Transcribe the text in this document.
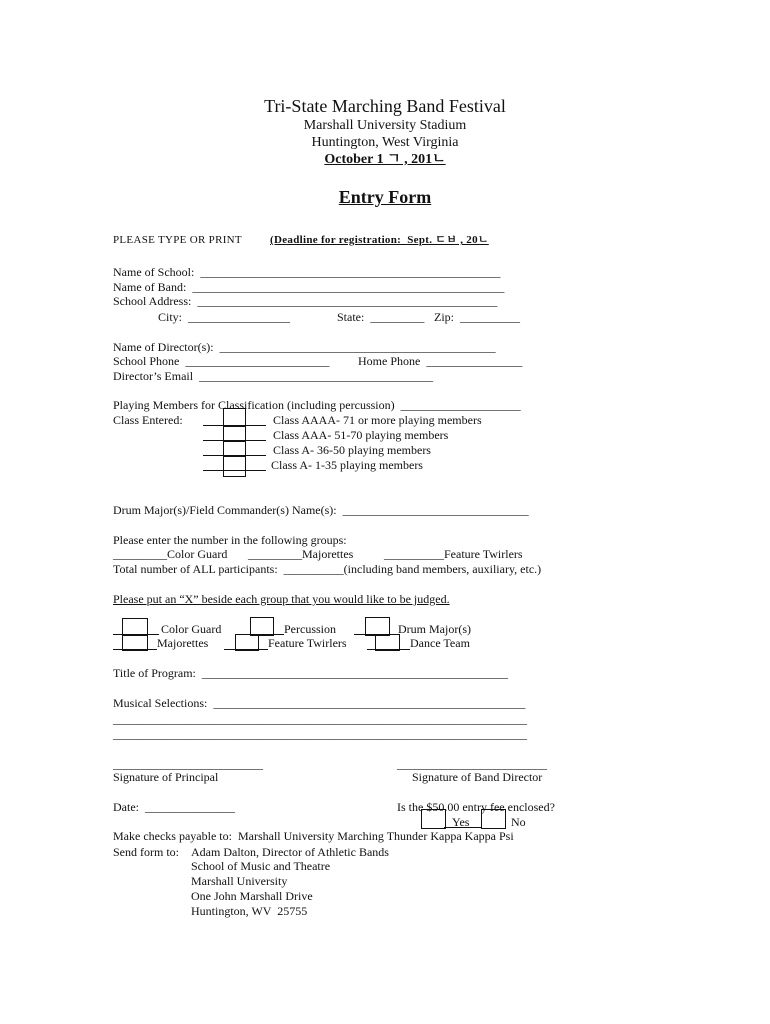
Tri-State Marching Band Festival
Marshall University Stadium
Huntington, West Virginia
October 1 ㄱ , 201ㄴ
Entry Form
PLEASE TYPE OR PRINT	(Deadline for registration:  Sept. ㄷㅂ , 20ㄴ
Name of School:  __________________________________________________
Name of Band:  ____________________________________________________
School Address:  __________________________________________________
City:  _________________	State:  _________ Zip:  __________
Name of Director(s):  ______________________________________________
School Phone  ________________________ Home Phone  ________________
Director’s Email  _______________________________________
Playing Members for Classification (including percussion)  ____________________
Class Entered:	Class AAAA- 71 or more playing members
Class AAA- 51-70 playing members
Class A- 36-50 playing members
Class A- 1-35 playing members
Drum Major(s)/Field Commander(s) Name(s):  _______________________________
Please enter the number in the following groups:
_________Color Guard _________Majorettes	__________Feature Twirlers
Total number of ALL participants:  __________(including band members, auxiliary, etc.)
Please put an “X” beside each group that you would like to be judged.
Color Guard	Percussion	Drum Major(s)
Majorettes	Feature Twirlers	Dance Team
Title of Program:  ___________________________________________________
Musical Selections:  ____________________________________________________
_____________________________________________________________________
_____________________________________________________________________
_________________________	_________________________
Signature of Principal	Signature of Band Director
Date:  _______________	Is the $50.00 entry fee enclosed?
Yes	No
Make checks payable to:  Marshall University Marching Thunder Kappa Kappa Psi
Send form to: Adam Dalton, Director of Athletic Bands
School of Music and Theatre
Marshall University
One John Marshall Drive
Huntington, WV  25755
